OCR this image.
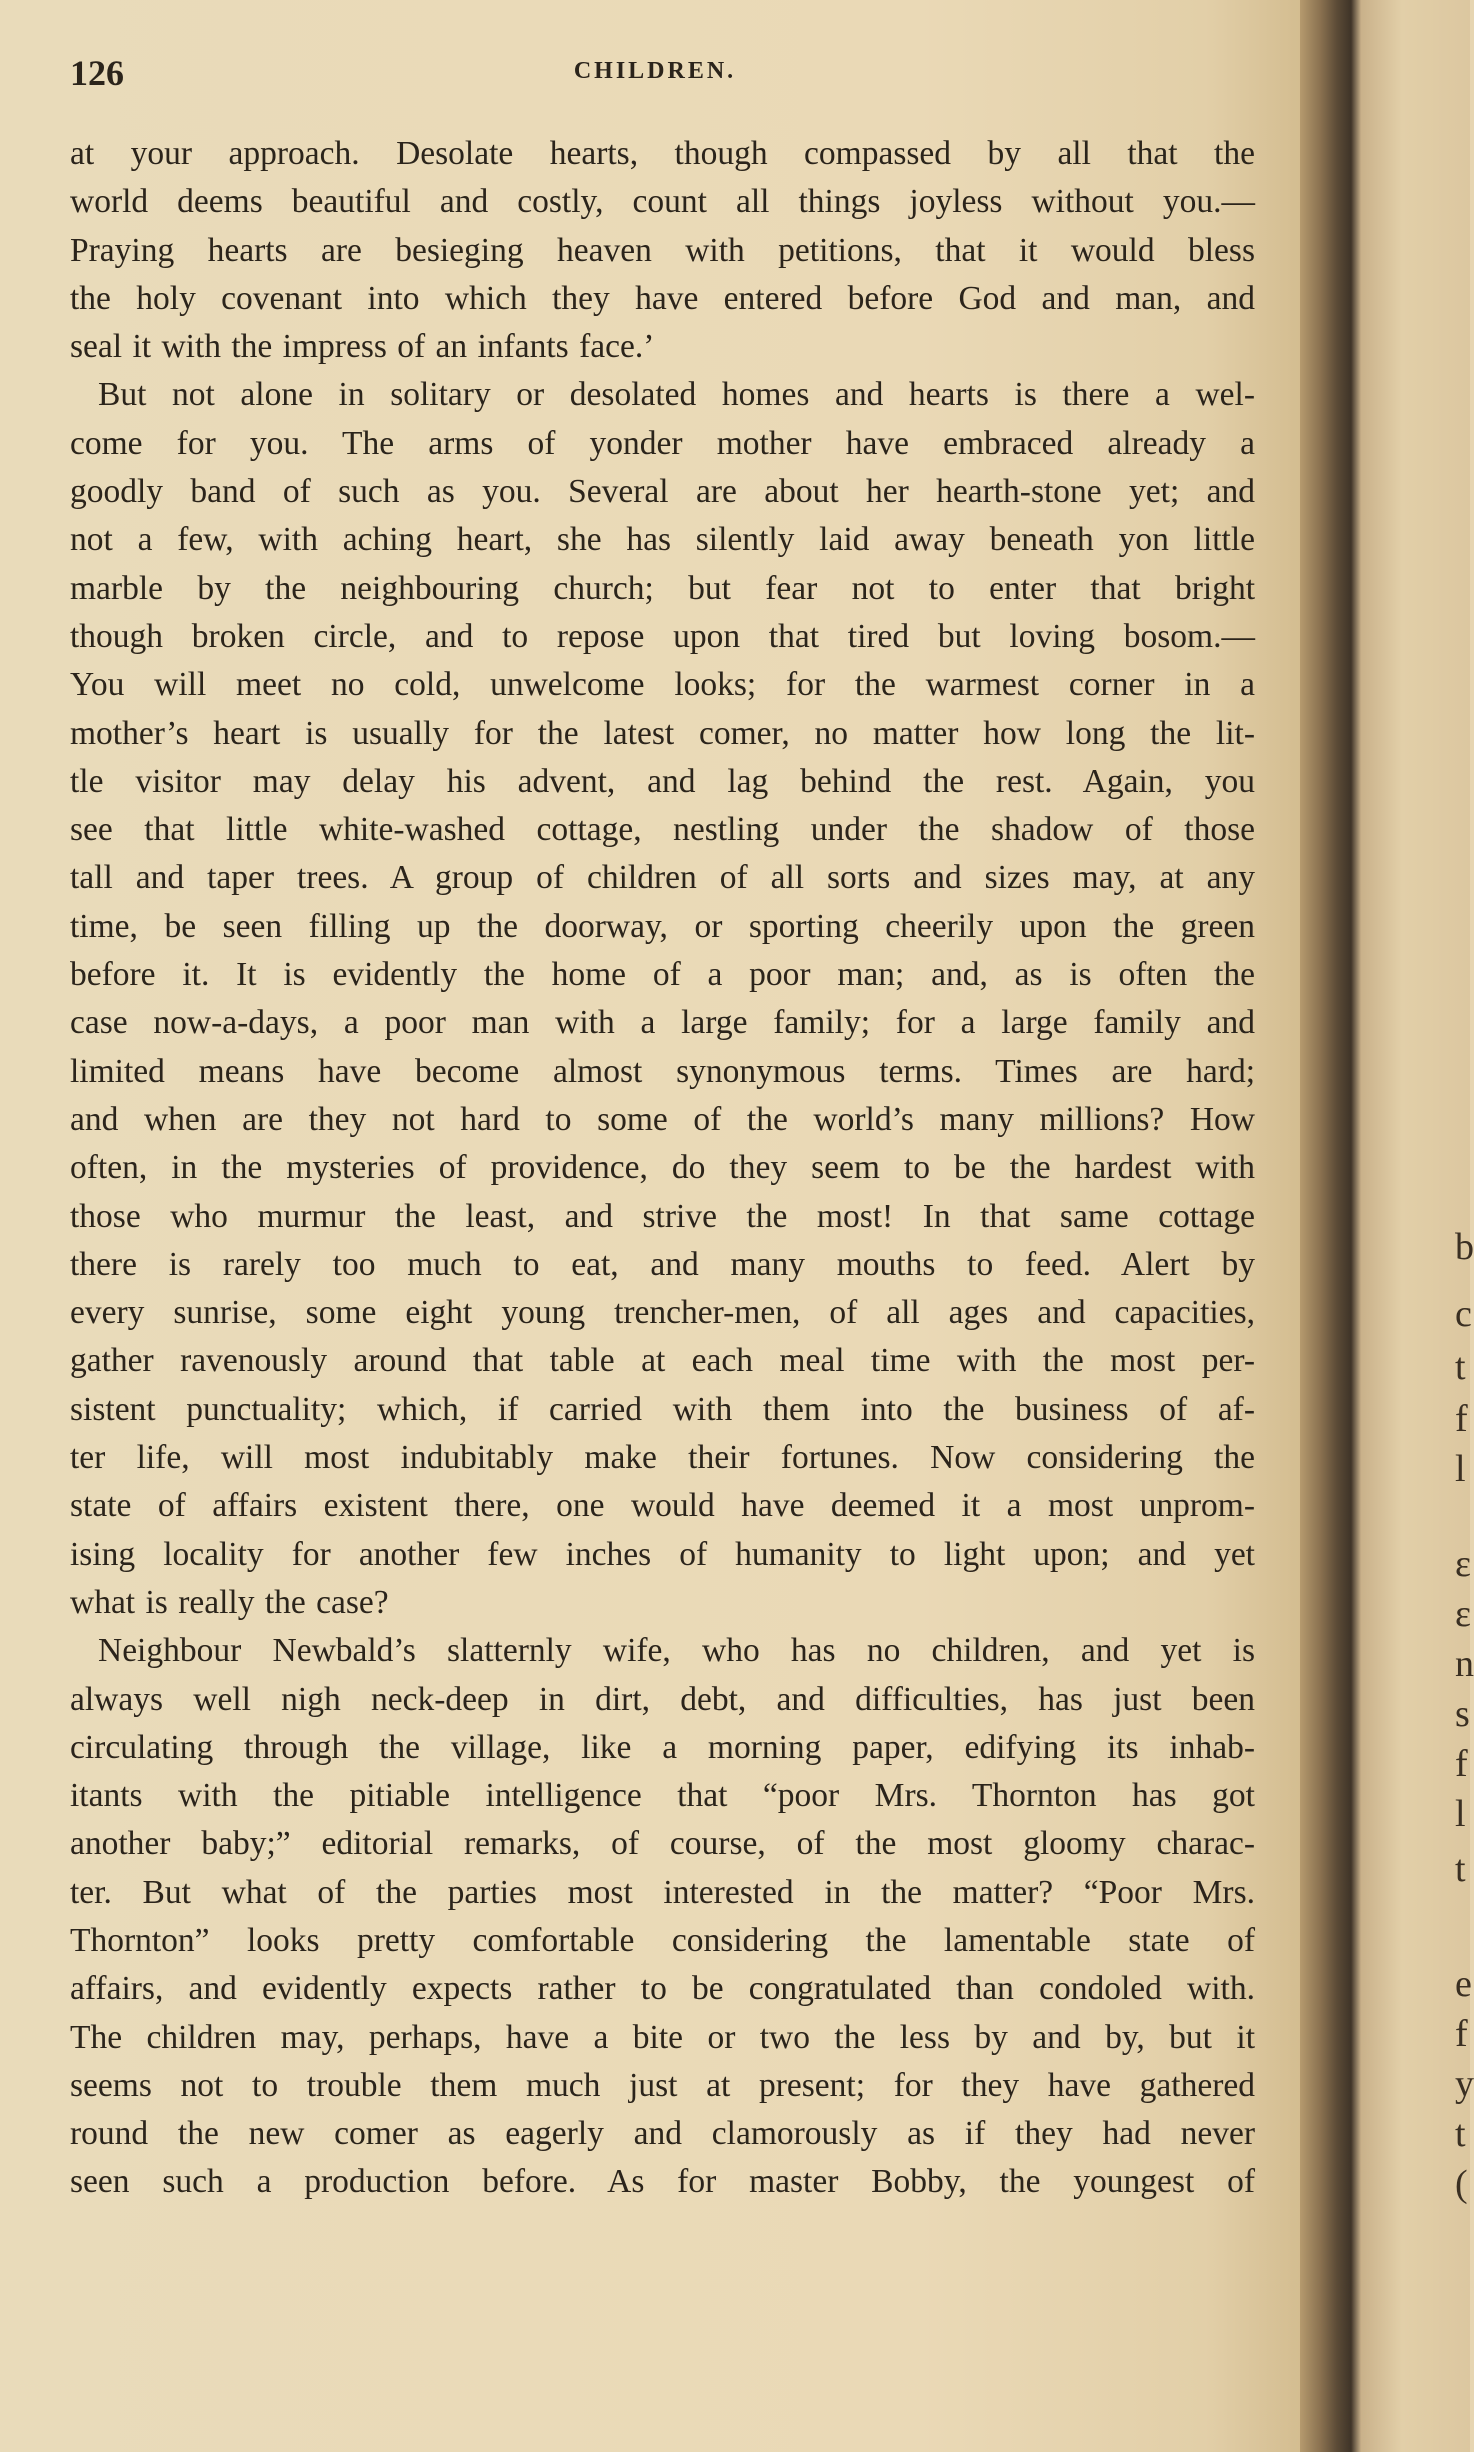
126	CHILDREN.

at your approach. Desolate hearts, though compassed by all that the

world deems beautiful and costly, count all things joyless without you.—

Praying hearts are besieging heaven with petitions, that it would bless

the holy covenant into which they have entered before God and man, and

seal it with the impress of an infants face.’

But not alone in solitary or desolated homes and hearts is there a wel-

come for you. The arms of yonder mother have embraced already a

goodly band of such as you. Several are about her hearth-stone yet; and

not a few, with aching heart, she has silently laid away beneath yon little

marble by the neighbouring church; but fear not to enter that bright

though broken circle, and to repose upon that tired but loving bosom.—

You will meet no cold, unwelcome looks; for the warmest corner in a

mother’s heart is usually for the latest comer, no matter how long the lit-

tle visitor may delay his advent, and lag behind the rest. Again, you

see that little white-washed cottage, nestling under the shadow of those

tall and taper trees. A group of children of all sorts and sizes may, at any

time, be seen filling up the doorway, or sporting cheerily upon the green

before it. It is evidently the home of a poor man; and, as is often the

case now-a-days, a poor man with a large family; for a large family and

limited means have become almost synonymous terms. Times are hard;

and when are they not hard to some of the world’s many millions? How

often, in the mysteries of providence, do they seem to be the hardest with

those who murmur the least, and strive the most! In that same cottage

there is rarely too much to eat, and many mouths to feed. Alert by

every sunrise, some eight young trencher-men, of all ages and capacities,

gather ravenously around that table at each meal time with the most per-

sistent punctuality; which, if carried with them into the business of af-

ter life, will most indubitably make their fortunes. Now considering the

state of affairs existent there, one would have deemed it a most unprom-

ising locality for another few inches of humanity to light upon; and yet

what is really the case?

Neighbour Newbald’s slatternly wife, who has no children, and yet is

always well nigh neck-deep in dirt, debt, and difficulties, has just been

circulating through the village, like a morning paper, edifying its inhab-

itants with the pitiable intelligence that “poor Mrs. Thornton has got

another baby;” editorial remarks, of course, of the most gloomy charac-

ter. But what of the parties most interested in the matter? “Poor Mrs.

Thornton” looks pretty comfortable considering the lamentable state of

affairs, and evidently expects rather to be congratulated than condoled with.

The children may, perhaps, have a bite or two the less by and by, but it

seems not to trouble them much just at present; for they have gathered

round the new comer as eagerly and clamorously as if they had never

seen such a production before. As for master Bobby, the youngest of

b
c
t
f
l
ε
ε
n
s
f
l
t
e
f
y
t
(
